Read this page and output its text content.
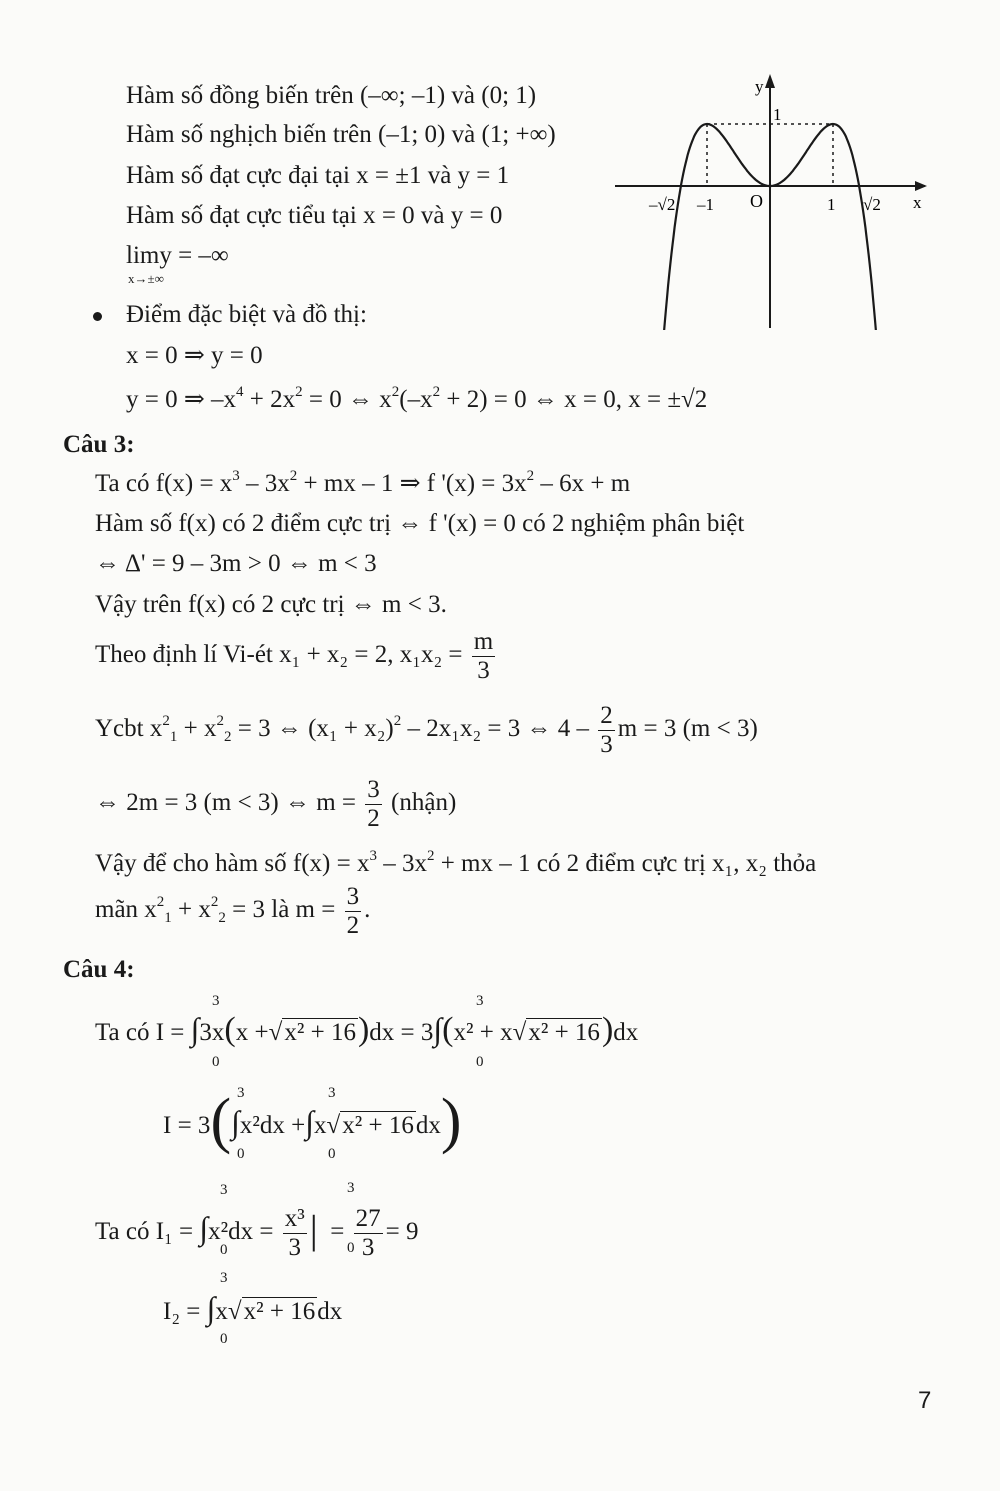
Hàm số đồng biến trên (–∞; –1) và (0; 1)
Hàm số nghịch biến trên (–1; 0) và (1; +∞)
Hàm số đạt cực đại tại x = ±1 và y = 1
Hàm số đạt cực tiểu tại x = 0 và y = 0
limy = –∞
x→±∞
Điểm đặc biệt và đồ thị:
x = 0 ⇒ y = 0
y = 0 ⇒ $-x^4 + 2x^2 = 0$ ⇔ $x^2(-x^2 + 2) = 0$ ⇔ x = 0, x = ±√2
y
x
O
1
–√2 –1	1 √2
Câu 3:
Ta có $f(x) = x^3 - 3x^2$ + mx – 1 ⇒ f '$(x) = 3x^2 - 6x + m$
Hàm số f(x) có 2 điểm cực trị ⇔ f '(x) = 0 có 2 nghiệm phân biệt
⇔ Δ' = 9 – 3m > 0 ⇔ m < 3
Vậy trên f(x) có 2 cực trị ⇔ m < 3.
Theo định lí Vi-ét x₁ + x₂ = 2, $x_1x_2 = \frac{m}{3}$
Ycbt $x^2_1 + x^2_2 = 3$ ⇔ $(x_1 + x_2)^2 - 2x_1x_2 = 3$ ⇔ $4 - \frac{2}{3}$ m = 3 (m < 3)
⇔ 2m = 3 (m < 3) ⇔ $m = \frac{3}{2}$ (nhận)
Vậy để cho hàm số $f(x) = x^3 - 3x^2$ + mx – 1 có 2 điểm cực trị x₁, x₂ thỏa
mãn $x^2_1 + x^2_2 = 3$ là $m = \frac{3}{2}$ .
Câu 4:
Ta có I = ∫3x(x +√x² + 16)dx = 3∫(x² + x√x² + 16)dx
3
0
3
0
I = 3(∫x²dx +∫x√x² + 16dx)
3
0
3
0
Ta có $I_1 = \int x^2dx = \frac{\text{x³}}{3}$ | = $\frac{27}{3} = 9$
3
0
3
0
I₂ = ∫x√x² + 16dx
3
0
7
